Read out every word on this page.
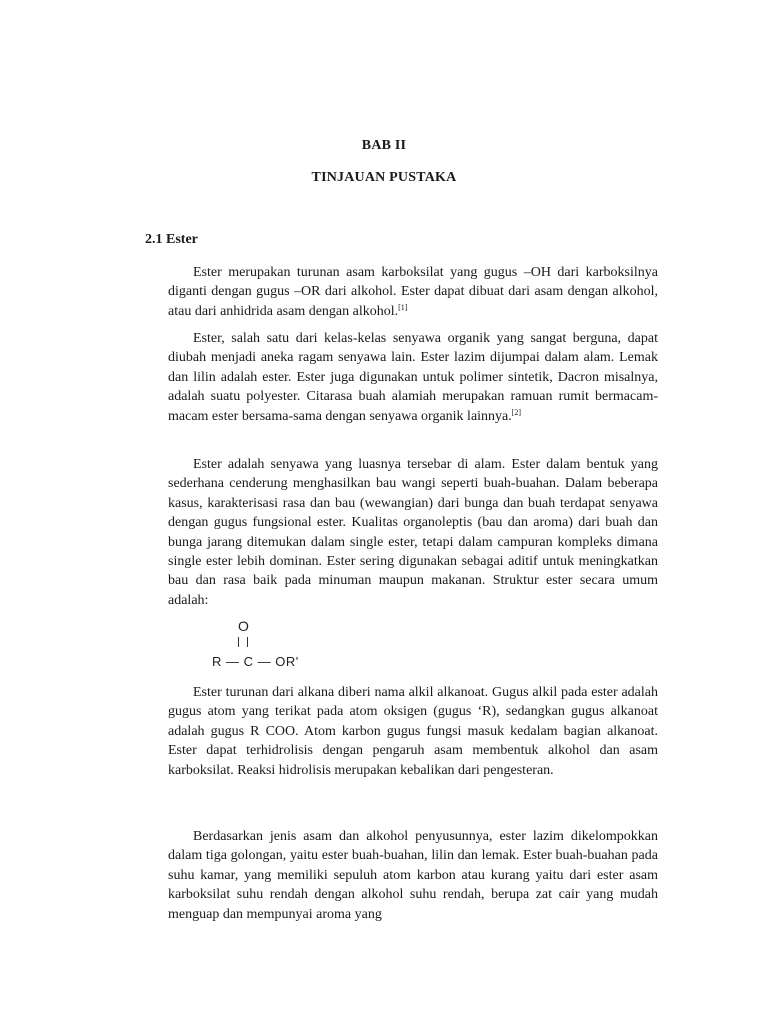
BAB II
TINJAUAN PUSTAKA
2.1 Ester

Ester merupakan turunan asam karboksilat yang gugus –OH dari karboksilnya diganti dengan gugus –OR dari alkohol. Ester dapat dibuat dari asam dengan alkohol, atau dari anhidrida asam dengan alkohol.[1]

Ester, salah satu dari kelas-kelas senyawa organik yang sangat berguna, dapat diubah menjadi aneka ragam senyawa lain. Ester lazim dijumpai dalam alam. Lemak dan lilin adalah ester. Ester juga digunakan untuk polimer sintetik, Dacron misalnya, adalah suatu polyester. Citarasa buah alamiah merupakan ramuan rumit bermacam-macam ester bersama-sama dengan senyawa organik lainnya.[2]

Ester adalah senyawa yang luasnya tersebar di alam. Ester dalam bentuk yang sederhana cenderung menghasilkan bau wangi seperti buah-buahan. Dalam beberapa kasus, karakterisasi rasa dan bau (wewangian) dari bunga dan buah terdapat senyawa dengan gugus fungsional ester. Kualitas organoleptis (bau dan aroma) dari buah dan bunga jarang ditemukan dalam single ester, tetapi dalam campuran kompleks dimana single ester lebih dominan. Ester sering digunakan sebagai aditif untuk meningkatkan bau dan rasa baik pada minuman maupun makanan. Struktur ester secara umum adalah:

O
R — C — OR'

Ester turunan dari alkana diberi nama alkil alkanoat. Gugus alkil pada ester adalah gugus atom yang terikat pada atom oksigen (gugus ‘R), sedangkan gugus alkanoat adalah gugus R COO. Atom karbon gugus fungsi masuk kedalam bagian alkanoat. Ester dapat terhidrolisis dengan pengaruh asam membentuk alkohol dan asam karboksilat. Reaksi hidrolisis merupakan kebalikan dari pengesteran.

Berdasarkan jenis asam dan alkohol penyusunnya, ester lazim dikelompokkan dalam tiga golongan, yaitu ester buah-buahan, lilin dan lemak. Ester buah-buahan pada suhu kamar, yang memiliki sepuluh atom karbon atau kurang yaitu dari ester asam karboksilat suhu rendah dengan alkohol suhu rendah, berupa zat cair yang mudah menguap dan mempunyai aroma yang
